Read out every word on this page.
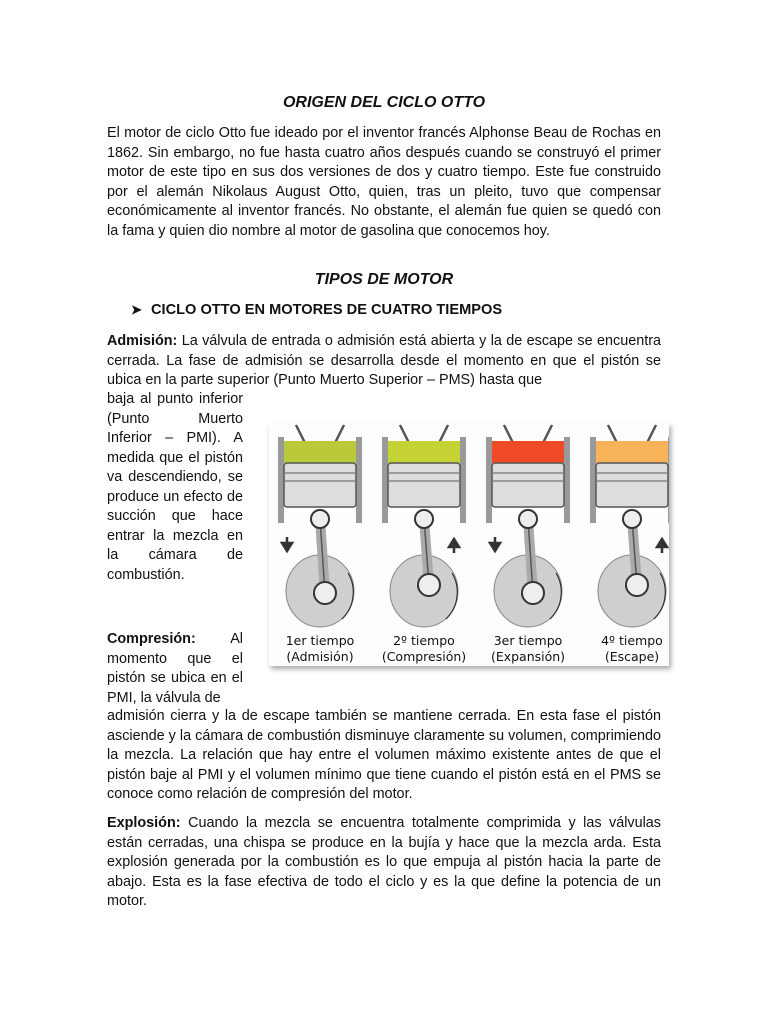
ORIGEN DEL CICLO OTTO

El motor de ciclo Otto fue ideado por el inventor francés Alphonse Beau de Rochas en 1862. Sin embargo, no fue hasta cuatro años después cuando se construyó el primer motor de este tipo en sus dos versiones de dos y cuatro tiempo. Este fue construido por el alemán Nikolaus August Otto, quien, tras un pleito, tuvo que compensar económicamente al inventor francés. No obstante, el alemán fue quien se quedó con la fama y quien dio nombre al motor de gasolina que conocemos hoy.

TIPOS DE MOTOR
➤ CICLO OTTO EN MOTORES DE CUATRO TIEMPOS

Admisión: La válvula de entrada o admisión está abierta y la de escape se encuentra cerrada. La fase de admisión se desarrolla desde el momento en que el pistón se ubica en la parte superior (Punto Muerto Superior – PMS) hasta que

baja al punto inferior (Punto Muerto Inferior – PMI). A medida que el pistón va descendiendo, se produce un efecto de succión que hace entrar la mezcla en la cámara de combustión.

Compresión: Al momento que el pistón se ubica en el PMI, la válvula de

admisión cierra y la de escape también se mantiene cerrada. En esta fase el pistón asciende y la cámara de combustión disminuye claramente su volumen, comprimiendo la mezcla. La relación que hay entre el volumen máximo existente antes de que el pistón baje al PMI y el volumen mínimo que tiene cuando el pistón está en el PMS se conoce como relación de compresión del motor.

Explosión: Cuando la mezcla se encuentra totalmente comprimida y las válvulas están cerradas, una chispa se produce en la bujía y hace que la mezcla arda. Esta explosión generada por la combustión es lo que empuja al pistón hacia la parte de abajo. Esta es la fase efectiva de todo el ciclo y es la que define la potencia de un motor.

1er tiempo
(Admisión)
2º tiempo
(Compresión)
3er tiempo
(Expansión)
4º tiempo
(Escape)
